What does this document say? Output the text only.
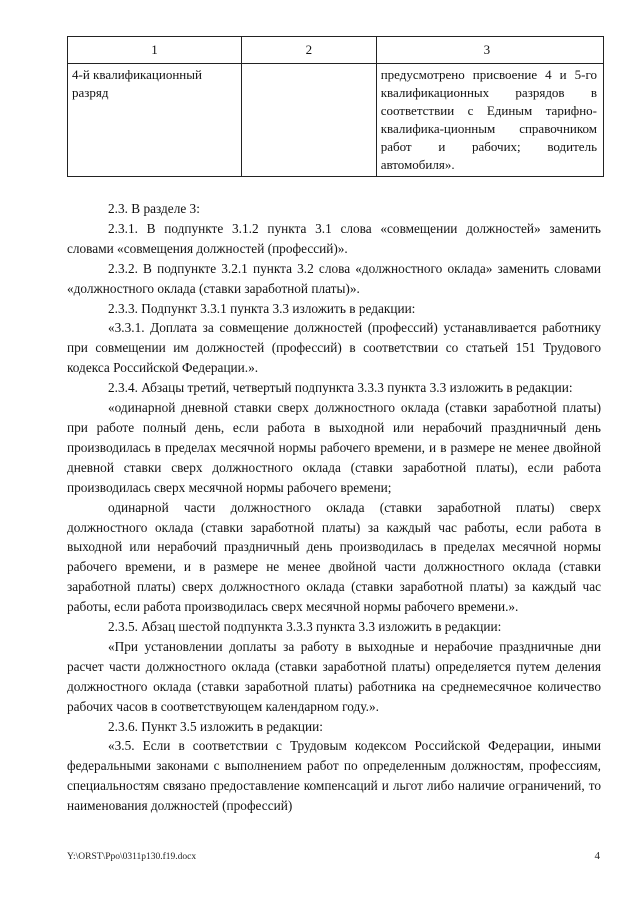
1	2	3
4-й квалификационный разряд		предусмотрено присвоение 4 и 5-го квалификационных разрядов в соответствии с Единым тарифно-квалифика-ционным справочником работ и рабочих; водитель автомобиля».

2.3. В разделе 3:

2.3.1. В подпункте 3.1.2 пункта 3.1 слова «совмещении должностей» заменить словами «совмещения должностей (профессий)».

2.3.2. В подпункте 3.2.1 пункта 3.2 слова «должностного оклада» заменить словами «должностного оклада (ставки заработной платы)».

2.3.3. Подпункт 3.3.1 пункта 3.3 изложить в редакции:

«3.3.1. Доплата за совмещение должностей (профессий) устанавливается работнику при совмещении им должностей (профессий) в соответствии со статьей 151 Трудового кодекса Российской Федерации.».

2.3.4. Абзацы третий, четвертый подпункта 3.3.3 пункта 3.3 изложить в редакции:

«одинарной дневной ставки сверх должностного оклада (ставки заработной платы) при работе полный день, если работа в выходной или нерабочий праздничный день производилась в пределах месячной нормы рабочего времени, и в размере не менее двойной дневной ставки сверх должностного оклада (ставки заработной платы), если работа производилась сверх месячной нормы рабочего времени;

одинарной части должностного оклада (ставки заработной платы) сверх должностного оклада (ставки заработной платы) за каждый час работы, если работа в выходной или нерабочий праздничный день производилась в пределах месячной нормы рабочего времени, и в размере не менее двойной части должностного оклада (ставки заработной платы) сверх должностного оклада (ставки заработной платы) за каждый час работы, если работа производилась сверх месячной нормы рабочего времени.».

2.3.5. Абзац шестой подпункта 3.3.3 пункта 3.3 изложить в редакции:

«При установлении доплаты за работу в выходные и нерабочие праздничные дни расчет части должностного оклада (ставки заработной платы) определяется путем деления должностного оклада (ставки заработной платы) работника на среднемесячное количество рабочих часов в соответствующем календарном году.».

2.3.6. Пункт 3.5 изложить в редакции:

«3.5. Если в соответствии с Трудовым кодексом Российской Федерации, иными федеральными законами с выполнением работ по определенным должностям, профессиям, специальностям связано предоставление компенсаций и льгот либо наличие ограничений, то наименования должностей (профессий)

Y:\ORST\Ppo\0311p130.f19.docx	4
